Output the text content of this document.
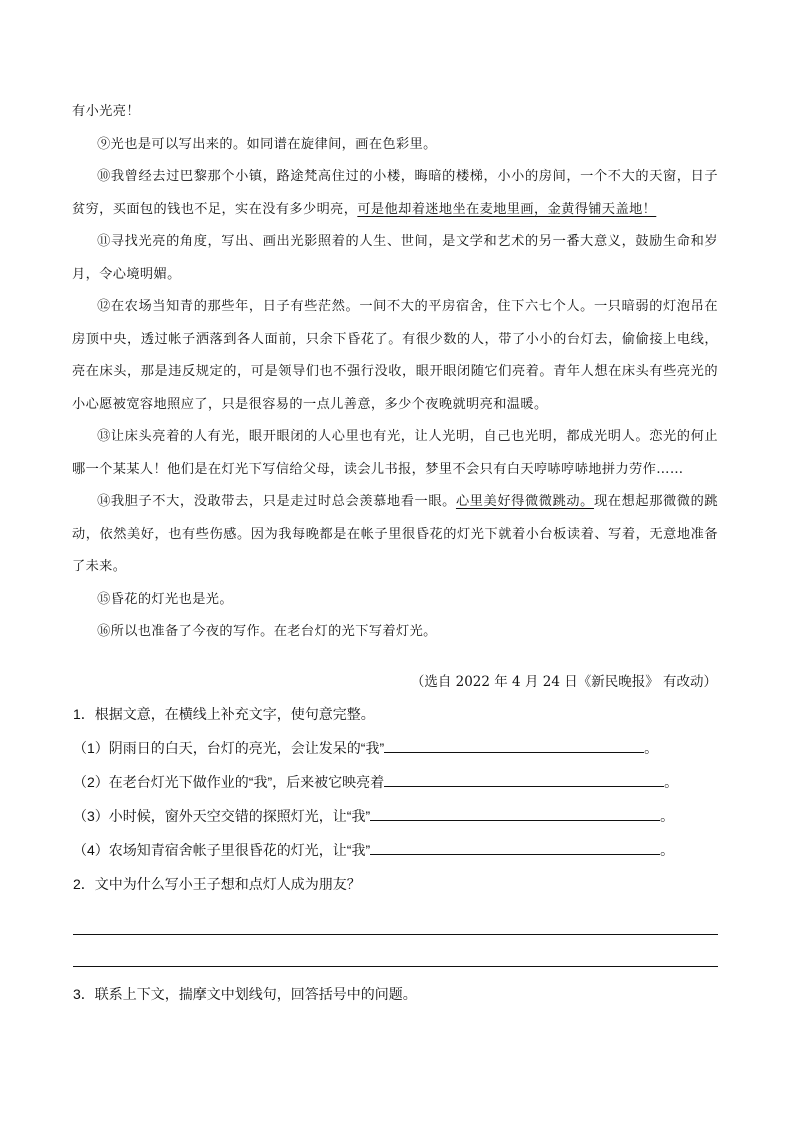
有小光亮！

⑨光也是可以写出来的。如同谱在旋律间，画在色彩里。

⑩我曾经去过巴黎那个小镇，路途梵高住过的小楼，晦暗的楼梯，小小的房间，一个不大的天窗，日子贫穷，买面包的钱也不足，实在没有多少明亮，可是他却着迷地坐在麦地里画，金黄得铺天盖地！

⑪寻找光亮的角度，写出、画出光影照着的人生、世间，是文学和艺术的另一番大意义，鼓励生命和岁月，令心境明媚。

⑫在农场当知青的那些年，日子有些茫然。一间不大的平房宿舍，住下六七个人。一只暗弱的灯泡吊在房顶中央，透过帐子洒落到各人面前，只余下昏花了。有很少数的人，带了小小的台灯去，偷偷接上电线，亮在床头，那是违反规定的，可是领导们也不强行没收，眼开眼闭随它们亮着。青年人想在床头有些亮光的小心愿被宽容地照应了，只是很容易的一点儿善意，多少个夜晚就明亮和温暖。

⑬让床头亮着的人有光，眼开眼闭的人心里也有光，让人光明，自己也光明，都成光明人。恋光的何止哪一个某某人！他们是在灯光下写信给父母，读会儿书报，梦里不会只有白天哼哧哼哧地拼力劳作……

⑭我胆子不大，没敢带去，只是走过时总会羡慕地看一眼。心里美好得微微跳动。现在想起那微微的跳动，依然美好，也有些伤感。因为我每晚都是在帐子里很昏花的灯光下就着小台板读着、写着，无意地准备了未来。

⑮昏花的灯光也是光。

⑯所以也准备了今夜的写作。在老台灯的光下写着灯光。

（选自 2022 年 4 月 24 日《新民晚报》 有改动）
1．根据文意，在横线上补充文字，使句意完整。
（1）阴雨日的白天，台灯的亮光，会让发呆的“我”	。
（2）在老台灯光下做作业的“我”，后来被它映亮着	。
（3）小时候，窗外天空交错的探照灯光，让“我”	。
（4）农场知青宿舍帐子里很昏花的灯光，让“我”	。
2．文中为什么写小王子想和点灯人成为朋友？
3．联系上下文，揣摩文中划线句，回答括号中的问题。
